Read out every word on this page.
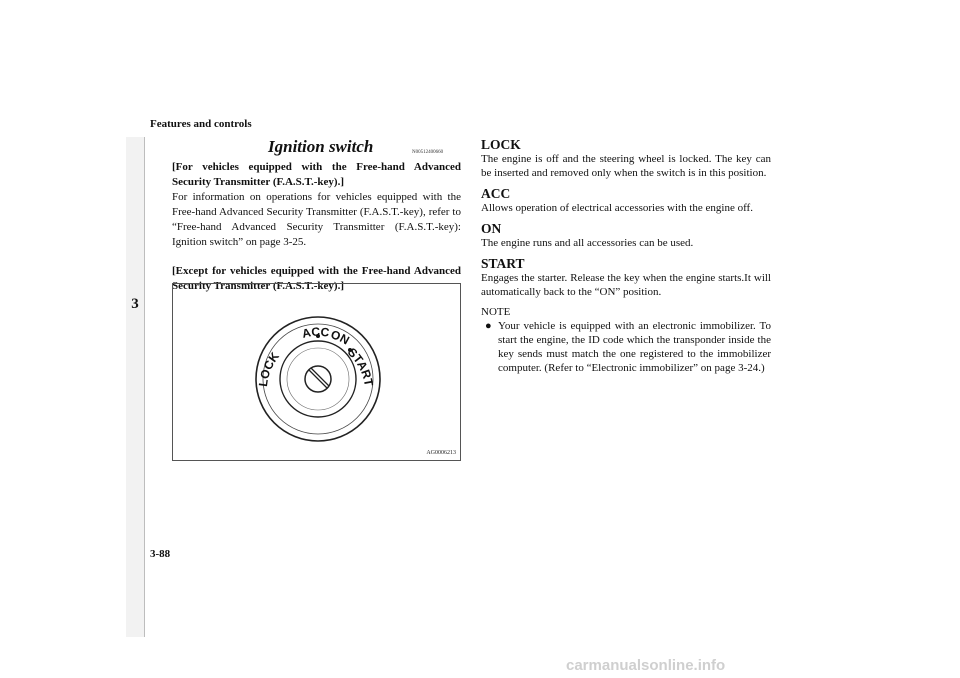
Features and controls
3
Ignition switch	N00512400660

[For vehicles equipped with the Free-hand Advanced Security Transmitter (F.A.S.T.-key).]

For information on operations for vehicles equipped with the Free-hand Advanced Security Transmitter (F.A.S.T.-key), refer to “Free-hand Advanced Security Transmitter (F.A.S.T.-key): Ignition switch” on page 3-25.

[Except for vehicles equipped with the Free-hand Advanced Security Transmitter (F.A.S.T.-key).]

LOCK
ACC
ON
START
AG0006213
LOCK

The engine is off and the steering wheel is locked. The key can be inserted and removed only when the switch is in this position.

ACC

Allows operation of electrical accessories with the engine off.

ON

The engine runs and all accessories can be used.

START

Engages the starter. Release the key when the engine starts.It will automatically back to the “ON” position.

NOTE
● Your vehicle is equipped with an electronic immobilizer. To start the engine, the ID code which the transponder inside the key sends must match the one registered to the immobilizer computer. (Refer to “Electronic immobilizer” on page 3-24.)
3-88
carmanualsonline.info
